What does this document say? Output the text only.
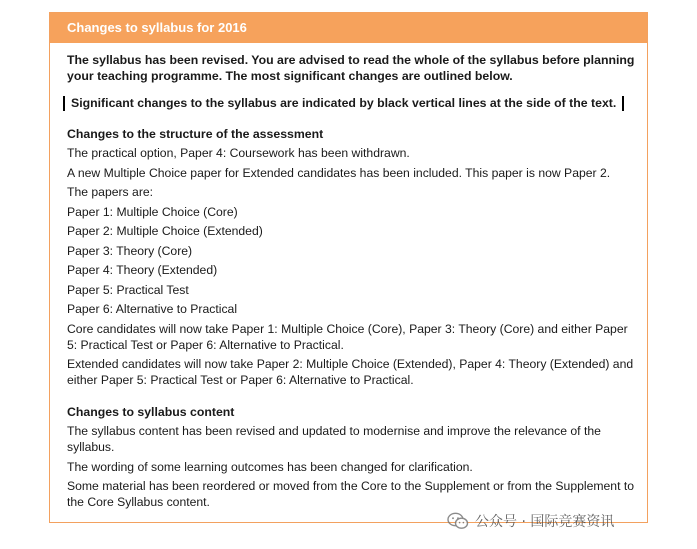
Changes to syllabus for 2016

The syllabus has been revised. You are advised to read the whole of the syllabus before planning your teaching programme. The most significant changes are outlined below.

Significant changes to the syllabus are indicated by black vertical lines at the side of the text.
Changes to the structure of the assessment

The practical option, Paper 4: Coursework has been withdrawn.

A new Multiple Choice paper for Extended candidates has been included. This paper is now Paper 2.

The papers are:

Paper 1: Multiple Choice (Core)

Paper 2: Multiple Choice (Extended)

Paper 3: Theory (Core)

Paper 4: Theory (Extended)

Paper 5: Practical Test

Paper 6: Alternative to Practical

Core candidates will now take Paper 1: Multiple Choice (Core), Paper 3: Theory (Core) and either Paper 5: Practical Test or Paper 6: Alternative to Practical.

Extended candidates will now take Paper 2: Multiple Choice (Extended), Paper 4: Theory (Extended) and either Paper 5: Practical Test or Paper 6: Alternative to Practical.

Changes to syllabus content

The syllabus content has been revised and updated to modernise and improve the relevance of the syllabus.

The wording of some learning outcomes has been changed for clarification.

Some material has been reordered or moved from the Core to the Supplement or from the Supplement to the Core Syllabus content.

公众号 · 国际竞赛资讯
